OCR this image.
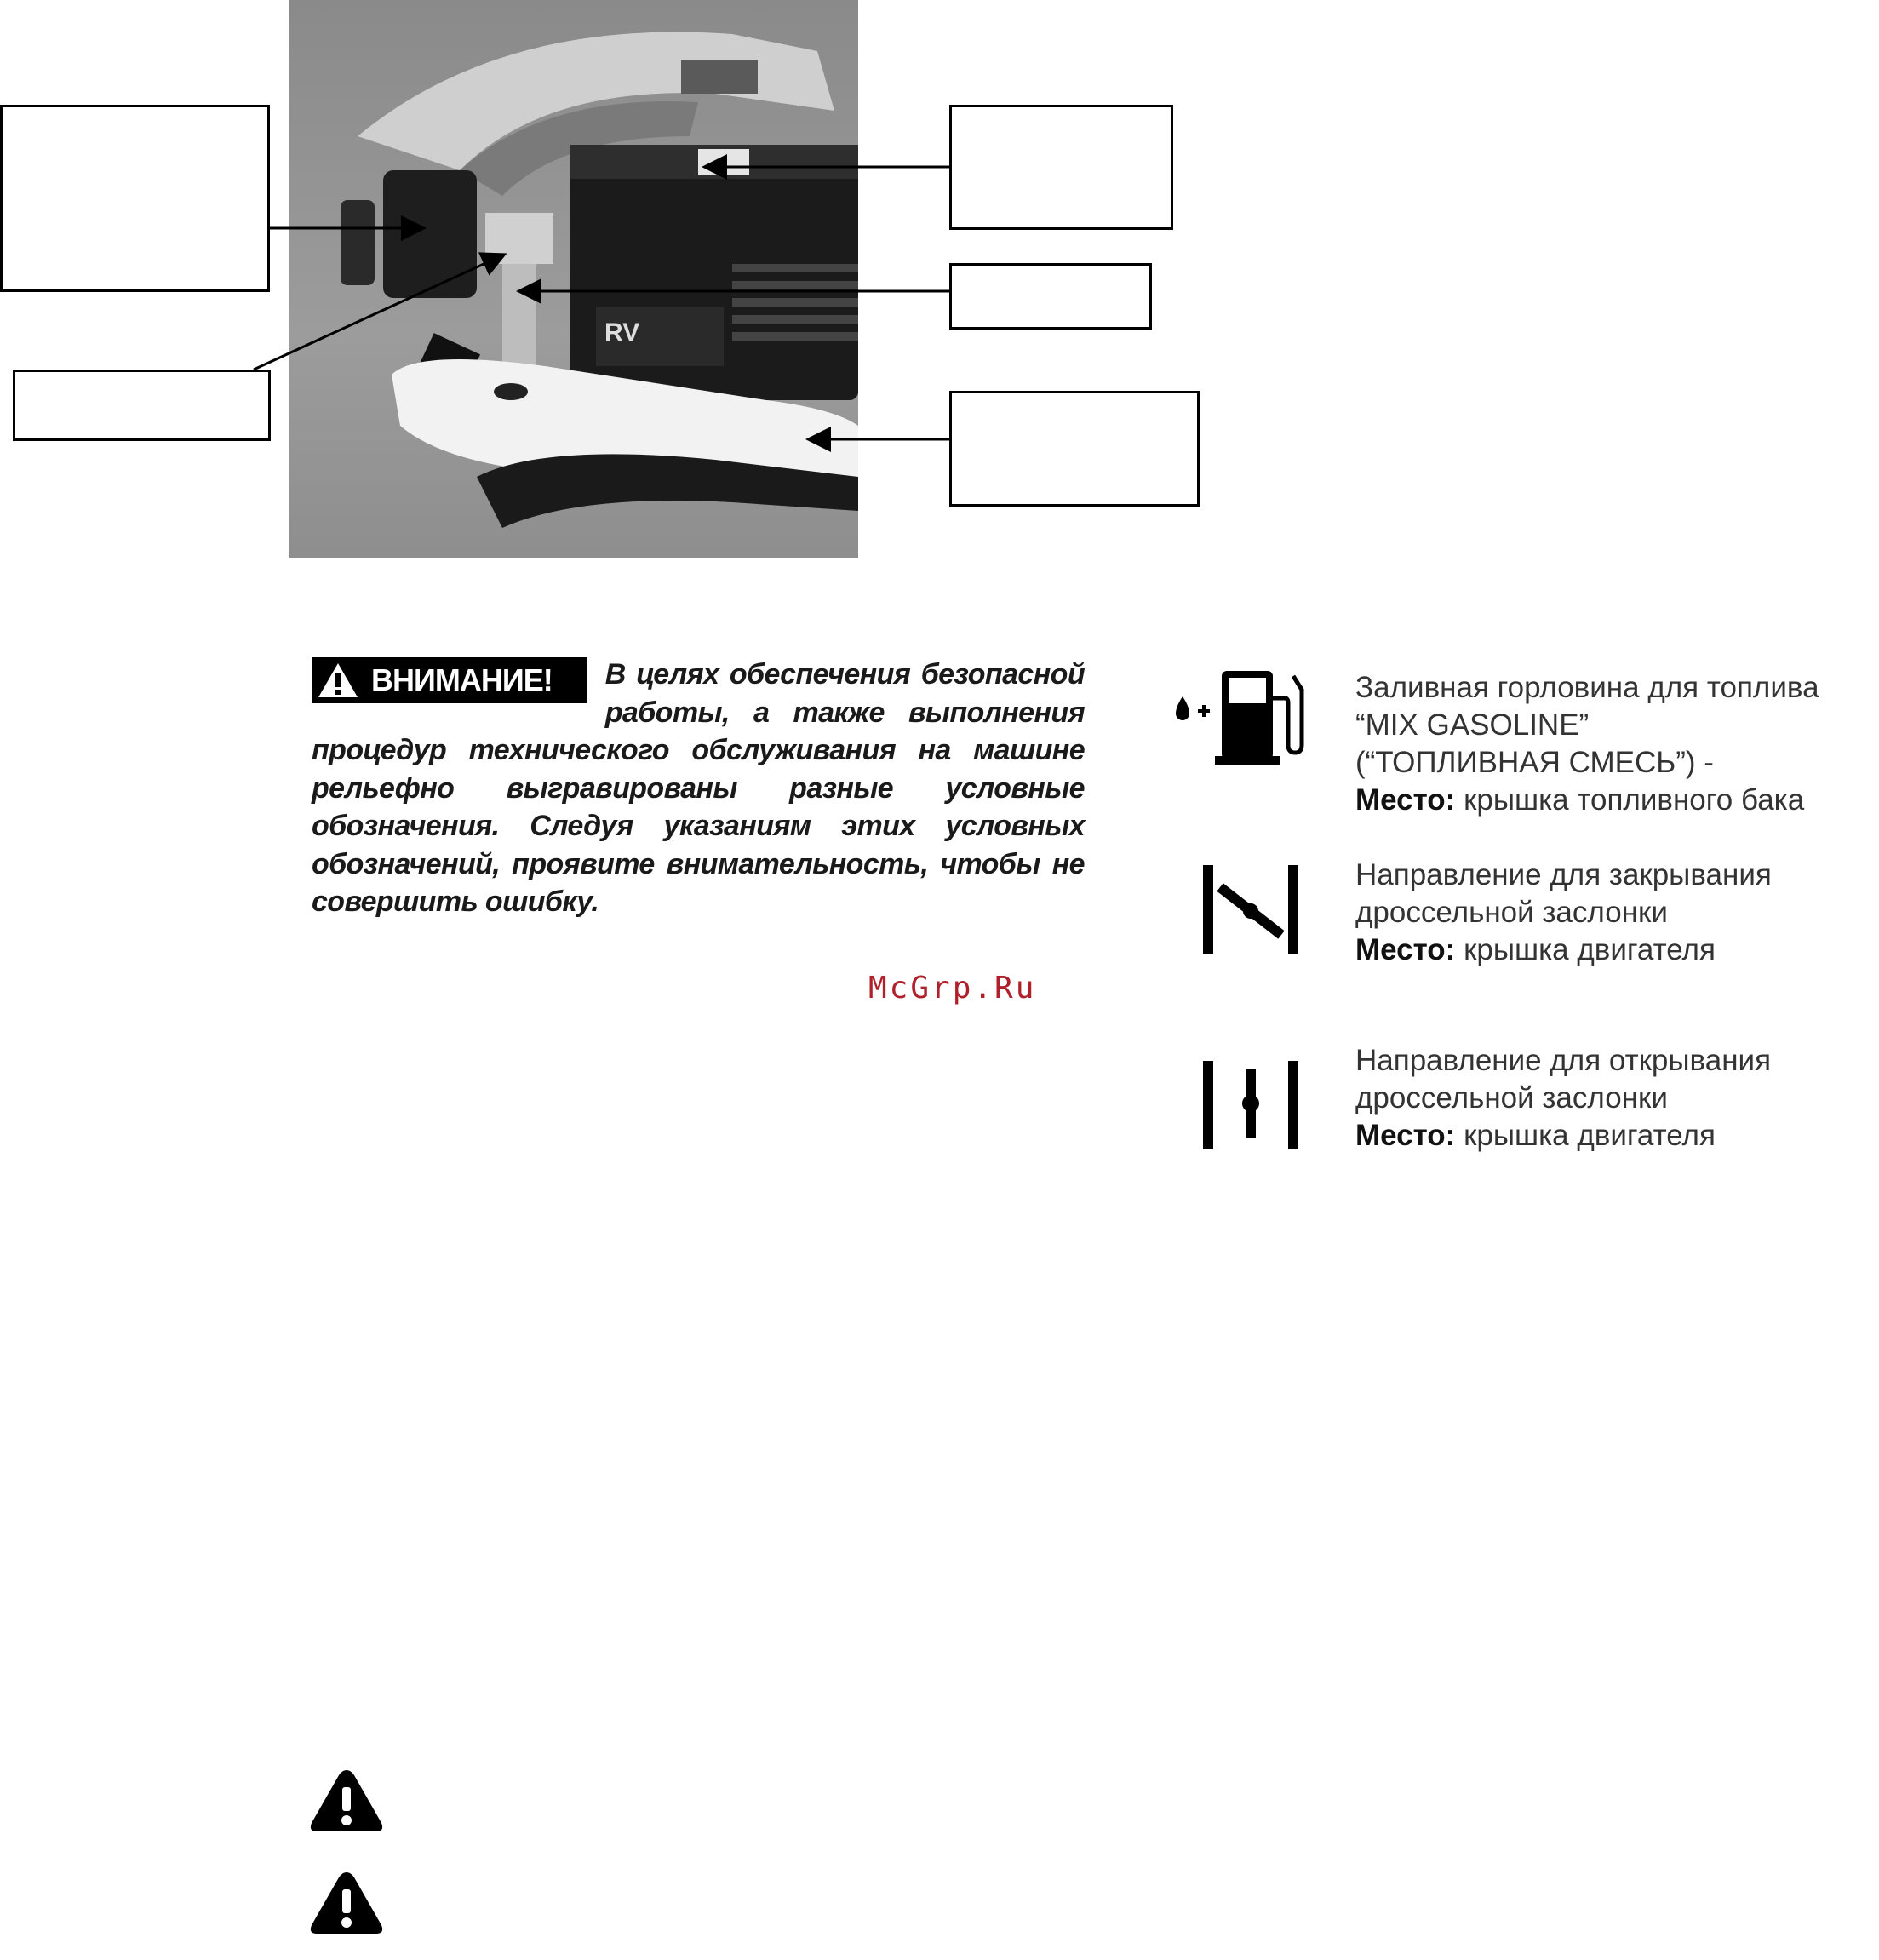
RV
ВНИМАНИЕ!	В целях обеспечения безопасной работы, а также выполнения процедур технического обслуживания на машине рельефно выгравированы разные условные обозначения. Следуя указаниям этих условных обозначений, проявите внимательность, чтобы не совершить ошибку.

McGrp.Ru
Заливная горловина для топлива
“MIX GASOLINE”
(“ТОПЛИВНАЯ СМЕСЬ”) -
Место: крышка топливного бака
Направление для закрывания
дроссельной заслонки
Место: крышка двигателя
Направление для открывания
дроссельной заслонки
Место: крышка двигателя
